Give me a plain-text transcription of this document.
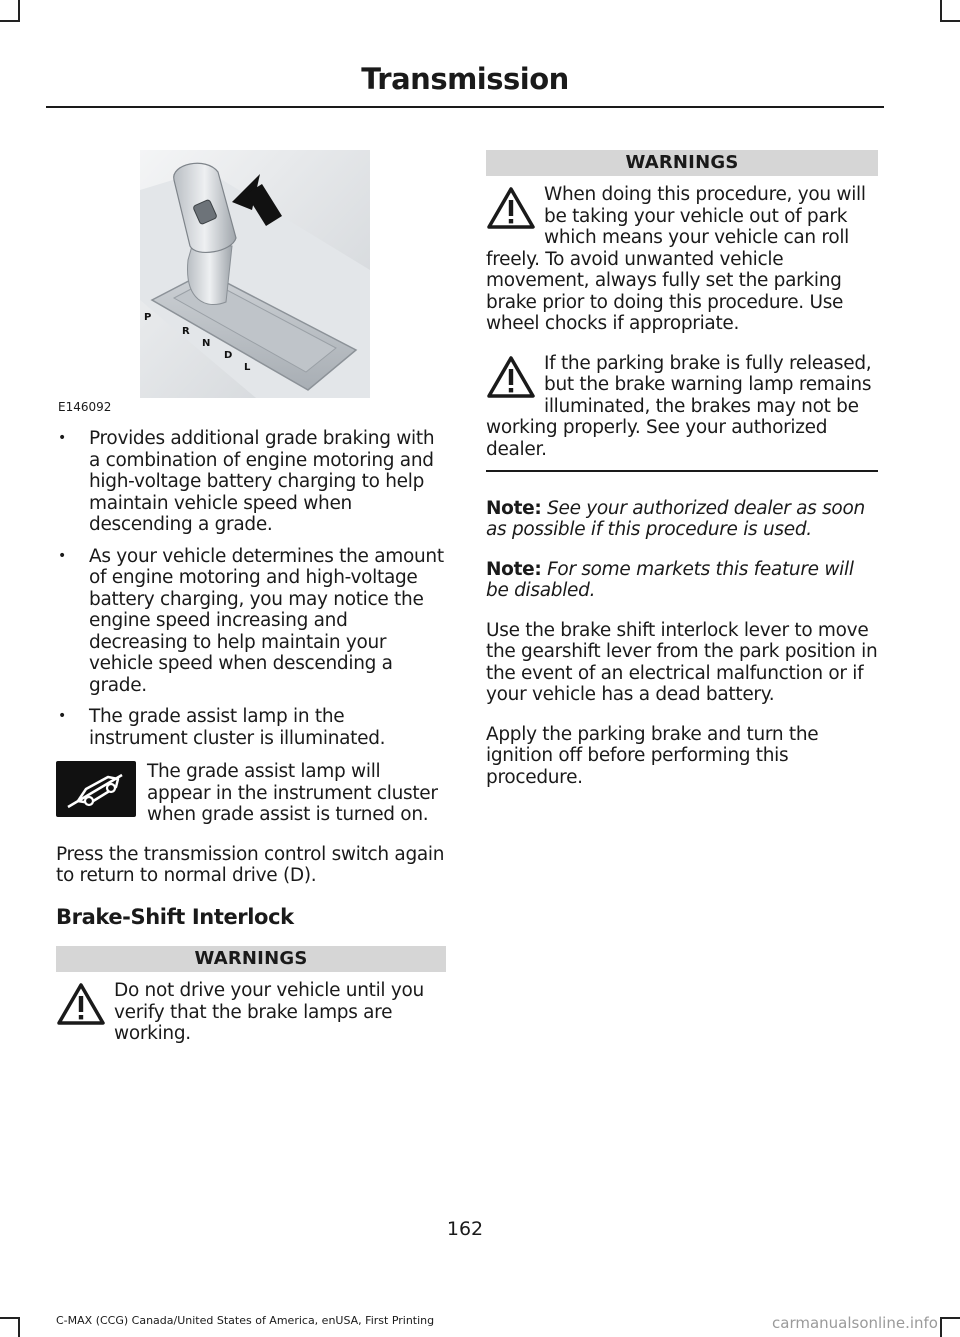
Transmission
P
R
N
D
L
E146092
• Provides additional grade braking with a combination of engine motoring and high-voltage battery charging to help maintain vehicle speed when descending a grade.
• As your vehicle determines the amount of engine motoring and high-voltage battery charging, you may notice the engine speed increasing and decreasing to help maintain your vehicle speed when descending a grade.
• The grade assist lamp in the instrument cluster is illuminated.
The grade assist lamp will appear in the instrument cluster when grade assist is turned on.

Press the transmission control switch again to return to normal drive (D).

Brake-Shift Interlock
WARNINGS
Do not drive your vehicle until you verify that the brake lamps are working.
WARNINGS
When doing this procedure, you will be taking your vehicle out of park which means your vehicle can roll freely. To avoid unwanted vehicle movement, always fully set the parking brake prior to doing this procedure. Use wheel chocks if appropriate.
If the parking brake is fully released, but the brake warning lamp remains illuminated, the brakes may not be working properly. See your authorized dealer.

Note: See your authorized dealer as soon as possible if this procedure is used.

Note: For some markets this feature will be disabled.

Use the brake shift interlock lever to move the gearshift lever from the park position in the event of an electrical malfunction or if your vehicle has a dead battery.

Apply the parking brake and turn the ignition off before performing this procedure.

162
C-MAX (CCG) Canada/United States of America, enUSA, First Printing	carmanualsonline.info
